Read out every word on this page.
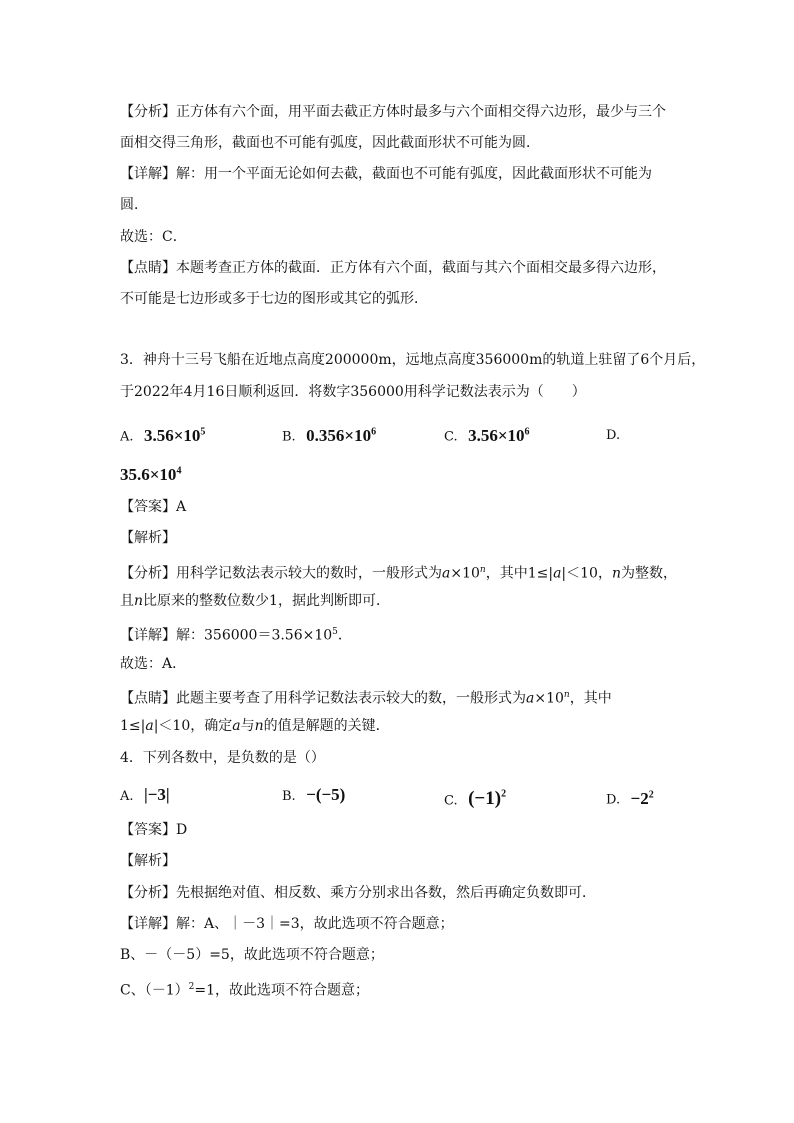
【分析】正方体有六个面，用平面去截正方体时最多与六个面相交得六边形，最少与三个
面相交得三角形，截面也不可能有弧度，因此截面形状不可能为圆．
【详解】解：用一个平面无论如何去截，截面也不可能有弧度，因此截面形状不可能为
圆．
故选：C．
【点睛】本题考查正方体的截面．正方体有六个面，截面与其六个面相交最多得六边形，
不可能是七边形或多于七边的图形或其它的弧形．
3．神舟十三号飞船在近地点高度200000m，远地点高度356000m的轨道上驻留了6个月后，
于2022年4月16日顺利返回．将数字356000用科学记数法表示为（　　）
A. $3.56\times 10^5$	B. $0.356\times 10^6$	C. $3.56\times 10^6$	D.
$35.6\times 10^4$
【答案】A
【解析】
【分析】用科学记数法表示较大的数时，一般形式为$a\times 10^n$，其中1≤|a|＜10，n为整数，
且n比原来的整数位数少1，据此判断即可．
【详解】解：$356000=3.56\times 10^5$．
故选：A．
【点睛】此题主要考查了用科学记数法表示较大的数，一般形式为$a\times 10^n$，其中
1≤|a|＜10，确定a与n的值是解题的关键．
4．下列各数中，是负数的是（）
A. |−3|	B. −(−5)	C. $(-1)^2$	D. $-2^2$
【答案】D
【解析】
【分析】先根据绝对值、相反数、乘方分别求出各数，然后再确定负数即可．
【详解】解：A、｜－3｜=3，故此选项不符合题意；
B、－（－5）=5，故此选项不符合题意；
C、$(-1)^2=1$，故此选项不符合题意；
